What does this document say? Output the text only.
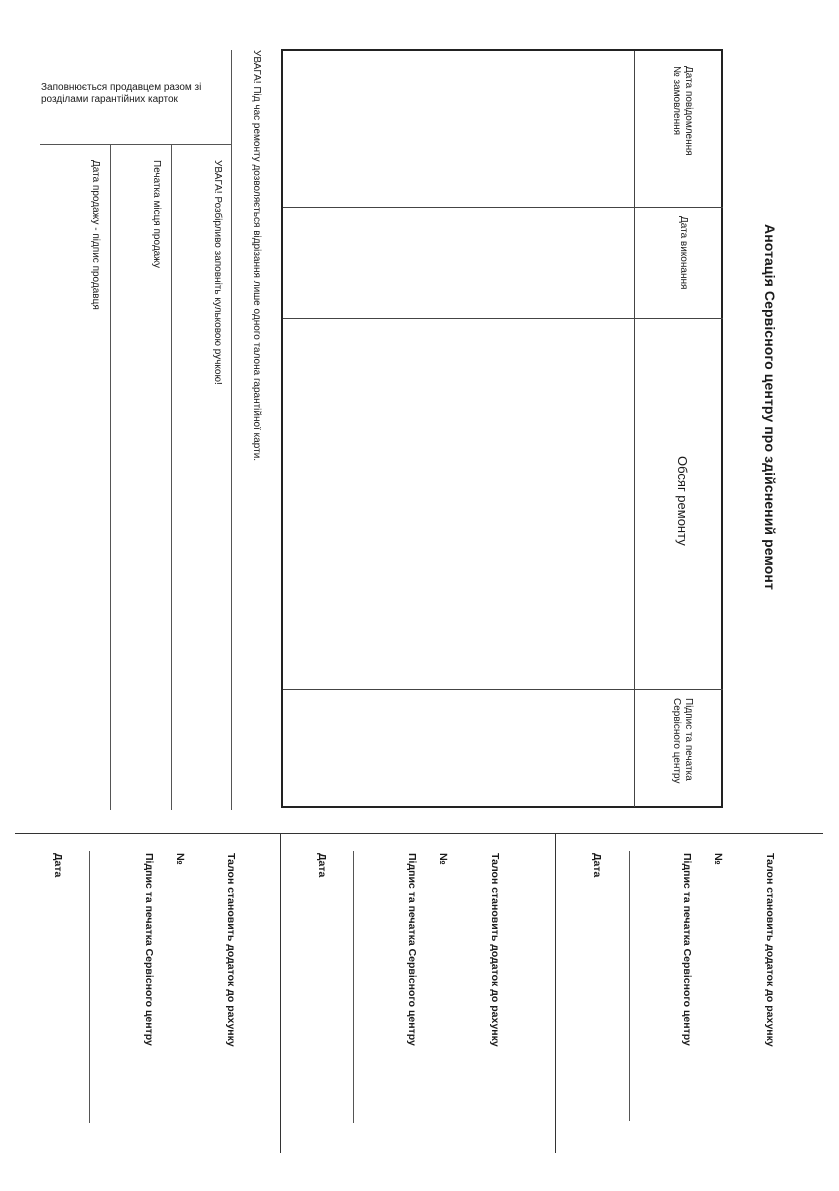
Заповнюється продавцем разом зі
розділами гарантійних карток
УВАГА! Розбірливо заповніть кульковою ручкою!
Печатка місця продажу
Дата продажу - підпис продавця	УВАГА! Під час ремонту дозволяється відрізання лише одного талона гарантійної карти.	Анотація Сервісного центру про здійснений ремонт
Дата повідомлення
№ замовлення
Дата виконання
Обсяг ремонту
Підпис та печатка
Сервісного центру
Талон становить додаток до рахунку
№
Підпис та печатка Сервісного центру
Дата
Талон становить додаток до рахунку
№
Підпис та печатка Сервісного центру
Дата
Талон становить додаток до рахунку
№
Підпис та печатка Сервісного центру
Дата
